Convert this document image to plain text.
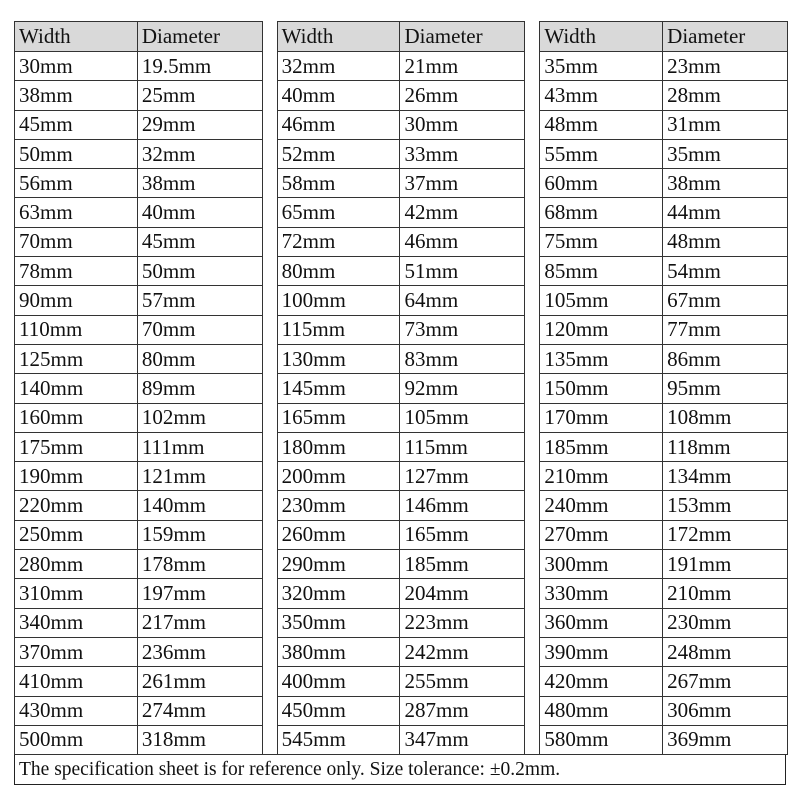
Width	Diameter
30mm	19.5mm
38mm	25mm
45mm	29mm
50mm	32mm
56mm	38mm
63mm	40mm
70mm	45mm
78mm	50mm
90mm	57mm
110mm	70mm
125mm	80mm
140mm	89mm
160mm	102mm
175mm	111mm
190mm	121mm
220mm	140mm
250mm	159mm
280mm	178mm
310mm	197mm
340mm	217mm
370mm	236mm
410mm	261mm
430mm	274mm
500mm	318mm
Width	Diameter
32mm	21mm
40mm	26mm
46mm	30mm
52mm	33mm
58mm	37mm
65mm	42mm
72mm	46mm
80mm	51mm
100mm	64mm
115mm	73mm
130mm	83mm
145mm	92mm
165mm	105mm
180mm	115mm
200mm	127mm
230mm	146mm
260mm	165mm
290mm	185mm
320mm	204mm
350mm	223mm
380mm	242mm
400mm	255mm
450mm	287mm
545mm	347mm
Width	Diameter
35mm	23mm
43mm	28mm
48mm	31mm
55mm	35mm
60mm	38mm
68mm	44mm
75mm	48mm
85mm	54mm
105mm	67mm
120mm	77mm
135mm	86mm
150mm	95mm
170mm	108mm
185mm	118mm
210mm	134mm
240mm	153mm
270mm	172mm
300mm	191mm
330mm	210mm
360mm	230mm
390mm	248mm
420mm	267mm
480mm	306mm
580mm	369mm
The specification sheet is for reference only. Size tolerance: ±0.2mm.
